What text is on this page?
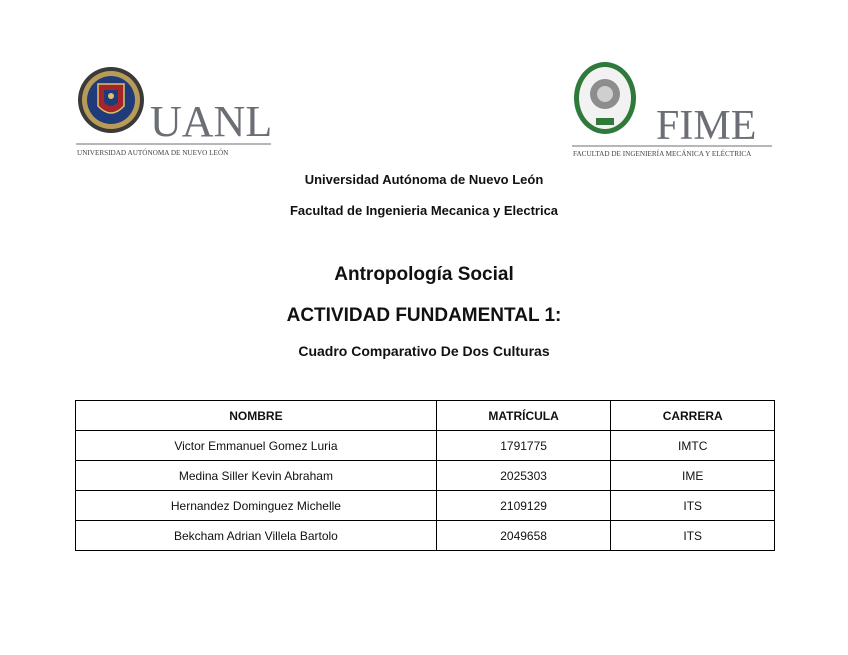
UANL
UNIVERSIDAD AUTÓNOMA DE NUEVO LEÓN
FIME
FACULTAD DE INGENIERÍA MECÁNICA Y ELÉCTRICA
Universidad Autónoma de Nuevo León
Facultad de Ingenieria Mecanica y Electrica
Antropología Social
ACTIVIDAD FUNDAMENTAL 1:
Cuadro Comparativo De Dos Culturas
NOMBRE	MATRÍCULA	CARRERA
Victor Emmanuel Gomez Luria	1791775	IMTC
Medina Siller Kevin Abraham	2025303	IME
Hernandez Dominguez Michelle	2109129	ITS
Bekcham Adrian Villela Bartolo	2049658	ITS
